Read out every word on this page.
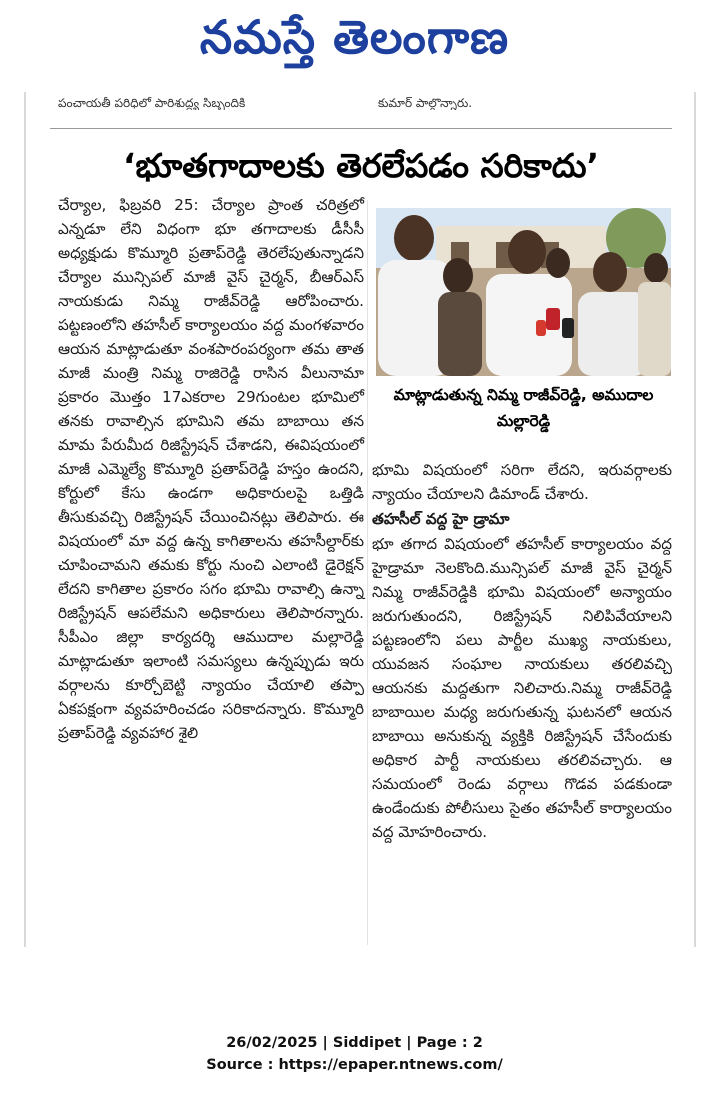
నమస్తే తెలంగాణ
పంచాయతీ పరిధిలో పారిశుద్ధ్య సిబ్బందికి	కుమార్ పాల్గొన్నారు.
‘భూతగాదాలకు తెరలేపడం సరికాదు’

చేర్యాల, ఫిబ్రవరి 25: చేర్యాల ప్రాంత చరిత్రలో ఎన్నడూ లేని విధంగా భూ తగాదాలకు డీసీసీ అధ్యక్షుడు కొమ్మూరి ప్రతాప్‌రెడ్డి తెరలేపుతున్నాడని చేర్యాల మున్సిపల్ మాజీ వైస్ చైర్మన్, బీఆర్ఎస్ నాయకుడు నిమ్మ రాజీవ్‌రెడ్డి ఆరోపించారు. పట్టణంలోని తహసీల్ కార్యాలయం వద్ద మంగళవారం ఆయన మాట్లాడుతూ వంశపారంపర్యంగా తమ తాత మాజీ మంత్రి నిమ్మ రాజిరెడ్డి రాసిన వీలునామా ప్రకారం మొత్తం 17ఎకరాల 29గుంటల భూమిలో తనకు రావాల్సిన భూమిని తమ బాబాయి తన మామ పేరుమీద రిజిస్ట్రేషన్ చేశాడని, ఈవిషయంలో మాజీ ఎమ్మెల్యే కొమ్మూరి ప్రతాప్‌రెడ్డి హస్తం ఉందని, కోర్టులో కేసు ఉండగా అధికారులపై ఒత్తిడి తీసుకువచ్చి రిజిస్ట్రేషన్ చేయించినట్లు తెలిపారు. ఈ విషయంలో మా వద్ద ఉన్న కాగితాలను తహసీల్దార్‌కు చూపించామని తమకు కోర్టు నుంచి ఎలాంటి డైరెక్షన్ లేదని కాగితాల ప్రకారం సగం భూమి రావాల్సి ఉన్నా రిజిస్ట్రేషన్ ఆపలేమని అధికారులు తెలిపారన్నారు. సీపీఎం జిల్లా కార్యదర్శి ఆముదాల మల్లారెడ్డి మాట్లాడుతూ ఇలాంటి సమస్యలు ఉన్నప్పుడు ఇరు వర్గాలను కూర్చోబెట్టి న్యాయం చేయాలి తప్పా ఏకపక్షంగా వ్యవహరించడం సరికాదన్నారు. కొమ్మూరి ప్రతాప్‌రెడ్డి వ్యవహార శైలి

మాట్లాడుతున్న నిమ్మ రాజీవ్‌రెడ్డి, అముదాల మల్లారెడ్డి

భూమి విషయంలో సరిగా లేదని, ఇరువర్గాలకు న్యాయం చేయాలని డిమాండ్ చేశారు.

తహసీల్ వద్ద హై డ్రామా

భూ తగాద విషయంలో తహసీల్ కార్యాలయం వద్ద హైడ్రామా నెలకొంది.మున్సిపల్ మాజీ వైస్ చైర్మన్ నిమ్మ రాజీవ్‌రెడ్డికి భూమి విషయంలో అన్యాయం జరుగుతుందని, రిజిస్ట్రేషన్ నిలిపివేయాలని పట్టణంలోని పలు పార్టీల ముఖ్య నాయకులు, యువజన సంఘాల నాయకులు తరలివచ్చి ఆయనకు మద్దతుగా నిలిచారు.నిమ్మ రాజీవ్‌రెడ్డి బాబాయిల మధ్య జరుగుతున్న ఘటనలో ఆయన బాబాయి అనుకున్న వ్యక్తికి రిజిస్ట్రేషన్ చేసేందుకు అధికార పార్టీ నాయకులు తరలివచ్చారు. ఆ సమయంలో రెండు వర్గాలు గొడవ పడకుండా ఉండేందుకు పోలీసులు సైతం తహసీల్ కార్యాలయం వద్ద మోహరించారు.

26/02/2025 | Siddipet | Page : 2
Source : https://epaper.ntnews.com/
